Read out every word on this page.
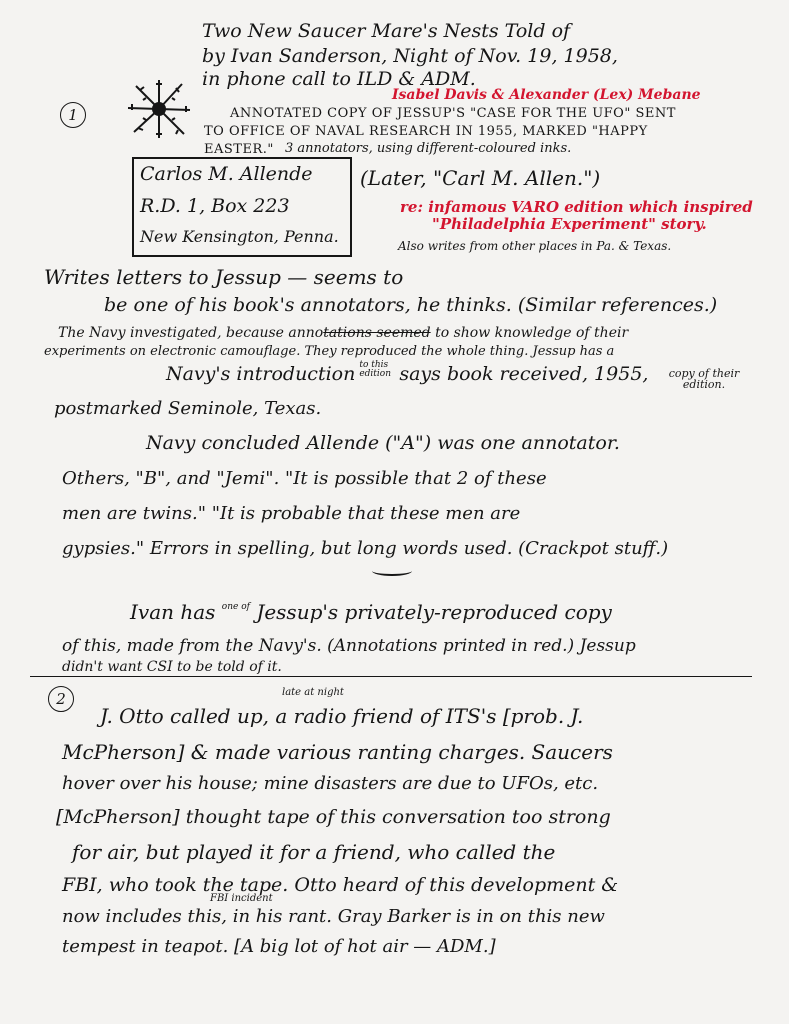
Two New Saucer Mare's Nests Told of
by Ivan Sanderson, Night of Nov. 19, 1958,
in phone call to ILD & ADM.
1
Isabel Davis & Alexander (Lex) Mebane
ANNOTATED COPY OF JESSUP'S "CASE FOR THE UFO" SENT
TO OFFICE OF NAVAL RESEARCH IN 1955, MARKED "HAPPY
EASTER." 3 annotators, using different-coloured inks.
Carlos M. Allende
R.D. 1, Box 223
New Kensington, Penna.
(Later, "Carl M. Allen.")
re: infamous VARO edition which inspired
"Philadelphia Experiment" story.
Also writes from other places in Pa. & Texas.
Writes letters to Jessup — seems to
be one of his book's annotators, he thinks. (Similar references.)
The Navy investigated, because annotations seemed to show knowledge of their
experiments on electronic camouflage. They reproduced the whole thing. Jessup has a
Navy's introduction to this edition says book received, 1955,	copy of their edition.
postmarked Seminole, Texas.
Navy concluded Allende ("A") was one annotator.
Others, "B", and "Jemi". "It is possible that 2 of these
men are twins." "It is probable that these men are
gypsies." Errors in spelling, but long words used. (Crackpot stuff.)
Ivan has $^{one of}$ Jessup's privately-reproduced copy
of this, made from the Navy's. (Annotations printed in red.) Jessup
didn't want CSI to be told of it.
2	late at night
J. Otto called up, a radio friend of ITS's [prob. J.
McPherson] & made various ranting charges. Saucers
hover over his house; mine disasters are due to UFOs, etc.
[McPherson] thought tape of this conversation too strong
for air, but played it for a friend, who called the
FBI, who took the tape. Otto heard of this development &
FBI incident
now includes this, in his rant. Gray Barker is in on this new
tempest in teapot. [A big lot of hot air — ADM.]
